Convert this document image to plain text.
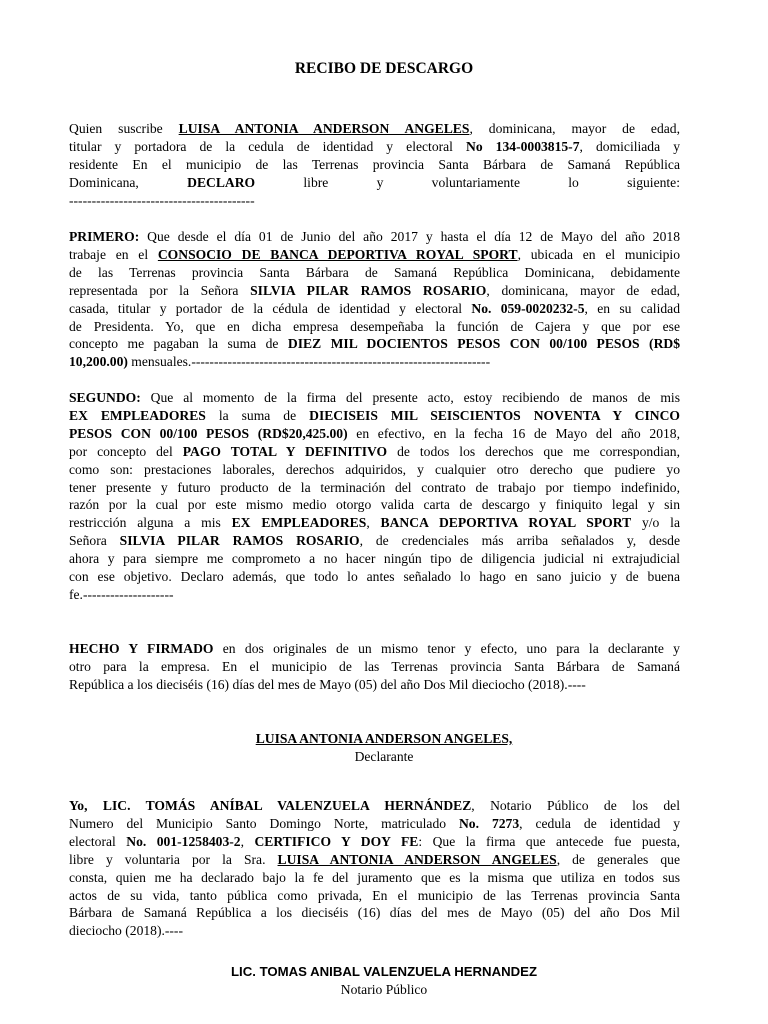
RECIBO DE DESCARGO

Quien suscribe LUISA ANTONIA ANDERSON ANGELES, dominicana, mayor de edad,
titular y portadora de la cedula de identidad y electoral No 134-0003815-7, domiciliada y
residente En el municipio de las Terrenas provincia Santa Bárbara de Samaná República
Dominicana, DECLARO libre y voluntariamente lo siguiente:
-----------------------------------------

PRIMERO: Que desde el día 01 de Junio del año 2017 y hasta el día 12 de Mayo del año 2018
trabaje en el CONSOCIO DE BANCA DEPORTIVA ROYAL SPORT, ubicada en el municipio
de las Terrenas provincia Santa Bárbara de Samaná República Dominicana, debidamente
representada por la Señora SILVIA PILAR RAMOS ROSARIO, dominicana, mayor de edad,
casada, titular y portador de la cédula de identidad y electoral No. 059-0020232-5, en su calidad
de Presidenta. Yo, que en dicha empresa desempeñaba la función de Cajera y que por ese
concepto me pagaban la suma de DIEZ MIL DOCIENTOS PESOS CON 00/100 PESOS (RD$
10,200.00) mensuales.------------------------------------------------------------------

SEGUNDO: Que al momento de la firma del presente acto, estoy recibiendo de manos de mis
EX EMPLEADORES la suma de DIECISEIS MIL SEISCIENTOS NOVENTA Y CINCO
PESOS CON 00/100 PESOS (RD$20,425.00) en efectivo, en la fecha 16 de Mayo del año 2018,
por concepto del PAGO TOTAL Y DEFINITIVO de todos los derechos que me correspondian,
como son: prestaciones laborales, derechos adquiridos, y cualquier otro derecho que pudiere yo
tener presente y futuro producto de la terminación del contrato de trabajo por tiempo indefinido,
razón por la cual por este mismo medio otorgo valida carta de descargo y finiquito legal y sin
restricción alguna a mis EX EMPLEADORES, BANCA DEPORTIVA ROYAL SPORT y/o la
Señora SILVIA PILAR RAMOS ROSARIO, de credenciales más arriba señalados y, desde
ahora y para siempre me comprometo a no hacer ningún tipo de diligencia judicial ni extrajudicial
con ese objetivo. Declaro además, que todo lo antes señalado lo hago en sano juicio y de buena
fe.--------------------

HECHO Y FIRMADO en dos originales de un mismo tenor y efecto, uno para la declarante y
otro para la empresa. En el municipio de las Terrenas provincia Santa Bárbara de Samaná
República a los dieciséis (16) días del mes de Mayo (05) del año Dos Mil dieciocho (2018).----

LUISA ANTONIA ANDERSON ANGELES,
Declarante

Yo, LIC. TOMÁS ANÍBAL VALENZUELA HERNÁNDEZ, Notario Público de los del
Numero del Municipio Santo Domingo Norte, matriculado No. 7273, cedula de identidad y
electoral No. 001-1258403-2, CERTIFICO Y DOY FE: Que la firma que antecede fue puesta,
libre y voluntaria por la Sra. LUISA ANTONIA ANDERSON ANGELES, de generales que
consta, quien me ha declarado bajo la fe del juramento que es la misma que utiliza en todos sus
actos de su vida, tanto pública como privada, En el municipio de las Terrenas provincia Santa
Bárbara de Samaná República a los dieciséis (16) días del mes de Mayo (05) del año Dos Mil
dieciocho (2018).----

LIC. TOMAS ANIBAL VALENZUELA HERNANDEZ
Notario Público
